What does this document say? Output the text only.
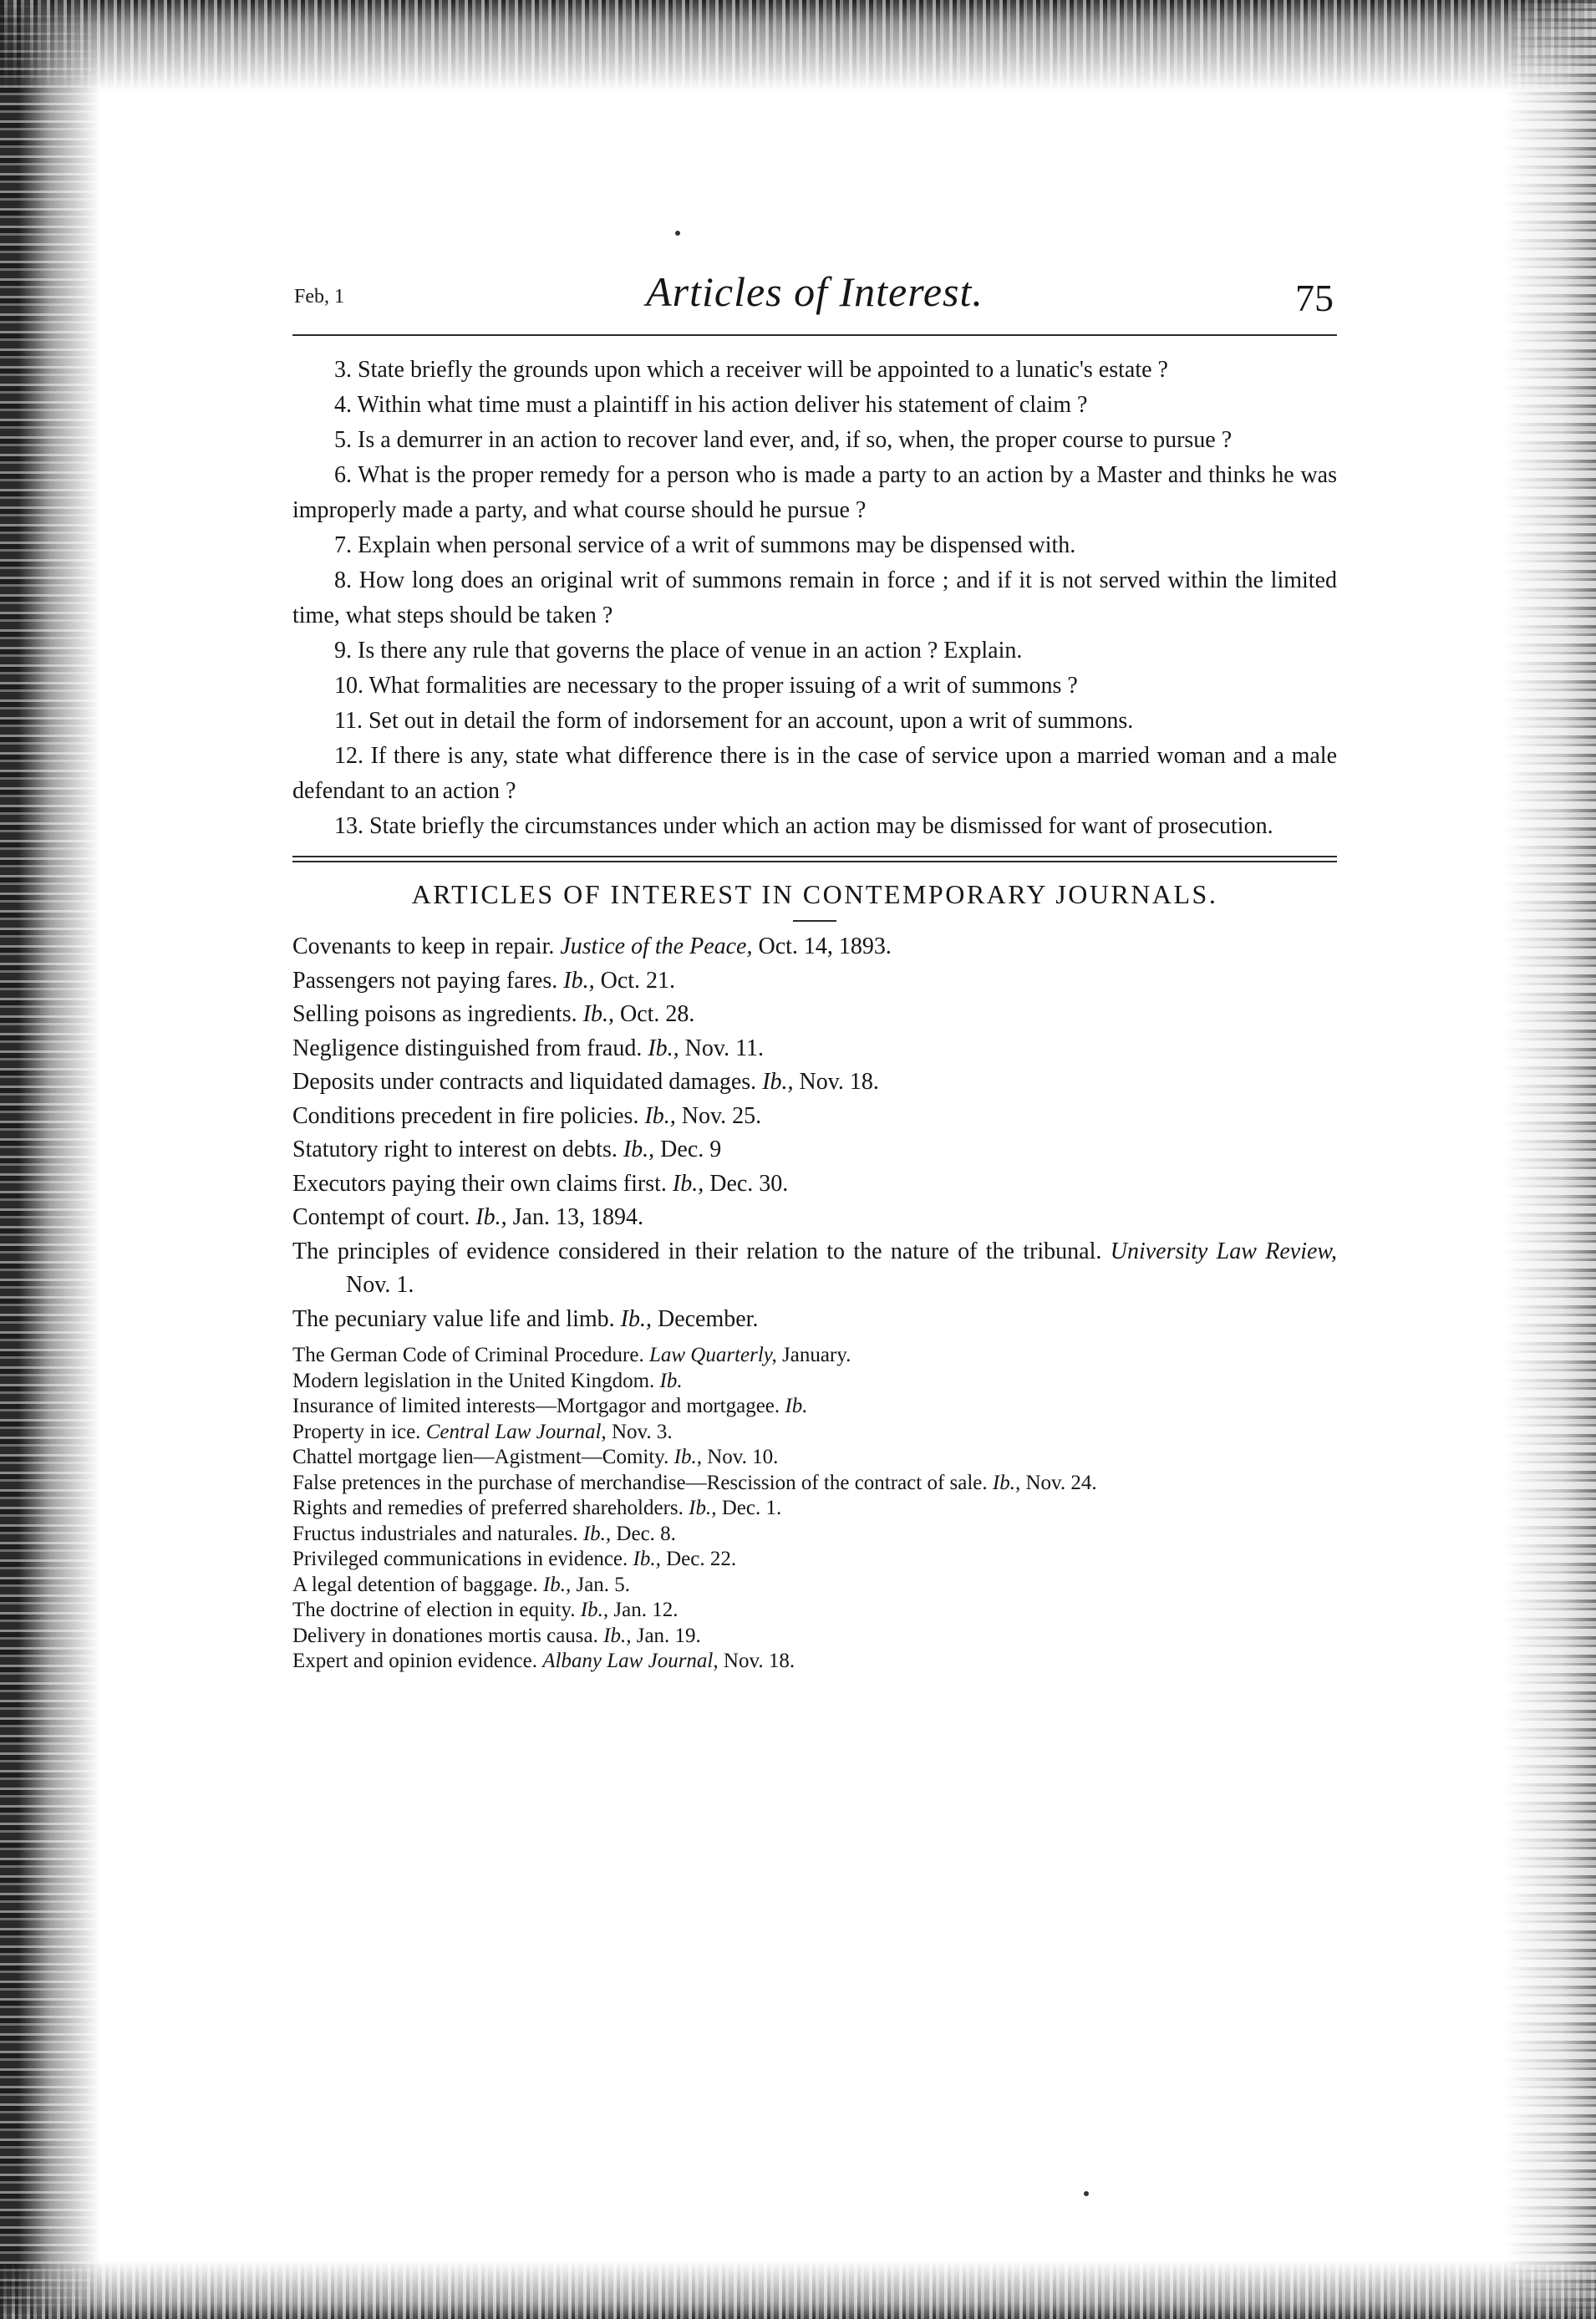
Feb, 1	Articles of Interest.	75

3. State briefly the grounds upon which a receiver will be appointed to a lunatic's estate ?

4. Within what time must a plaintiff in his action deliver his statement of claim ?

5. Is a demurrer in an action to recover land ever, and, if so, when, the proper course to pursue ?

6. What is the proper remedy for a person who is made a party to an action by a Master and thinks he was improperly made a party, and what course should he pursue ?

7. Explain when personal service of a writ of summons may be dispensed with.

8. How long does an original writ of summons remain in force ; and if it is not served within the limited time, what steps should be taken ?

9. Is there any rule that governs the place of venue in an action ? Explain.

10. What formalities are necessary to the proper issuing of a writ of summons ?

11. Set out in detail the form of indorsement for an account, upon a writ of summons.

12. If there is any, state what difference there is in the case of service upon a married woman and a male defendant to an action ?

13. State briefly the circumstances under which an action may be dismissed for want of prosecution.

ARTICLES OF INTEREST IN CONTEMPORARY JOURNALS.

Covenants to keep in repair. Justice of the Peace, Oct. 14, 1893.

Passengers not paying fares. Ib., Oct. 21.

Selling poisons as ingredients. Ib., Oct. 28.

Negligence distinguished from fraud. Ib., Nov. 11.

Deposits under contracts and liquidated damages. Ib., Nov. 18.

Conditions precedent in fire policies. Ib., Nov. 25.

Statutory right to interest on debts. Ib., Dec. 9

Executors paying their own claims first. Ib., Dec. 30.

Contempt of court. Ib., Jan. 13, 1894.

The principles of evidence considered in their relation to the nature of the tribunal. University Law Review, Nov. 1.

The pecuniary value life and limb. Ib., December.

The German Code of Criminal Procedure. Law Quarterly, January.

Modern legislation in the United Kingdom. Ib.

Insurance of limited interests—Mortgagor and mortgagee. Ib.

Property in ice. Central Law Journal, Nov. 3.

Chattel mortgage lien—Agistment—Comity. Ib., Nov. 10.

False pretences in the purchase of merchandise—Rescission of the contract of sale. Ib., Nov. 24.

Rights and remedies of preferred shareholders. Ib., Dec. 1.

Fructus industriales and naturales. Ib., Dec. 8.

Privileged communications in evidence. Ib., Dec. 22.

A legal detention of baggage. Ib., Jan. 5.

The doctrine of election in equity. Ib., Jan. 12.

Delivery in donationes mortis causa. Ib., Jan. 19.

Expert and opinion evidence. Albany Law Journal, Nov. 18.
